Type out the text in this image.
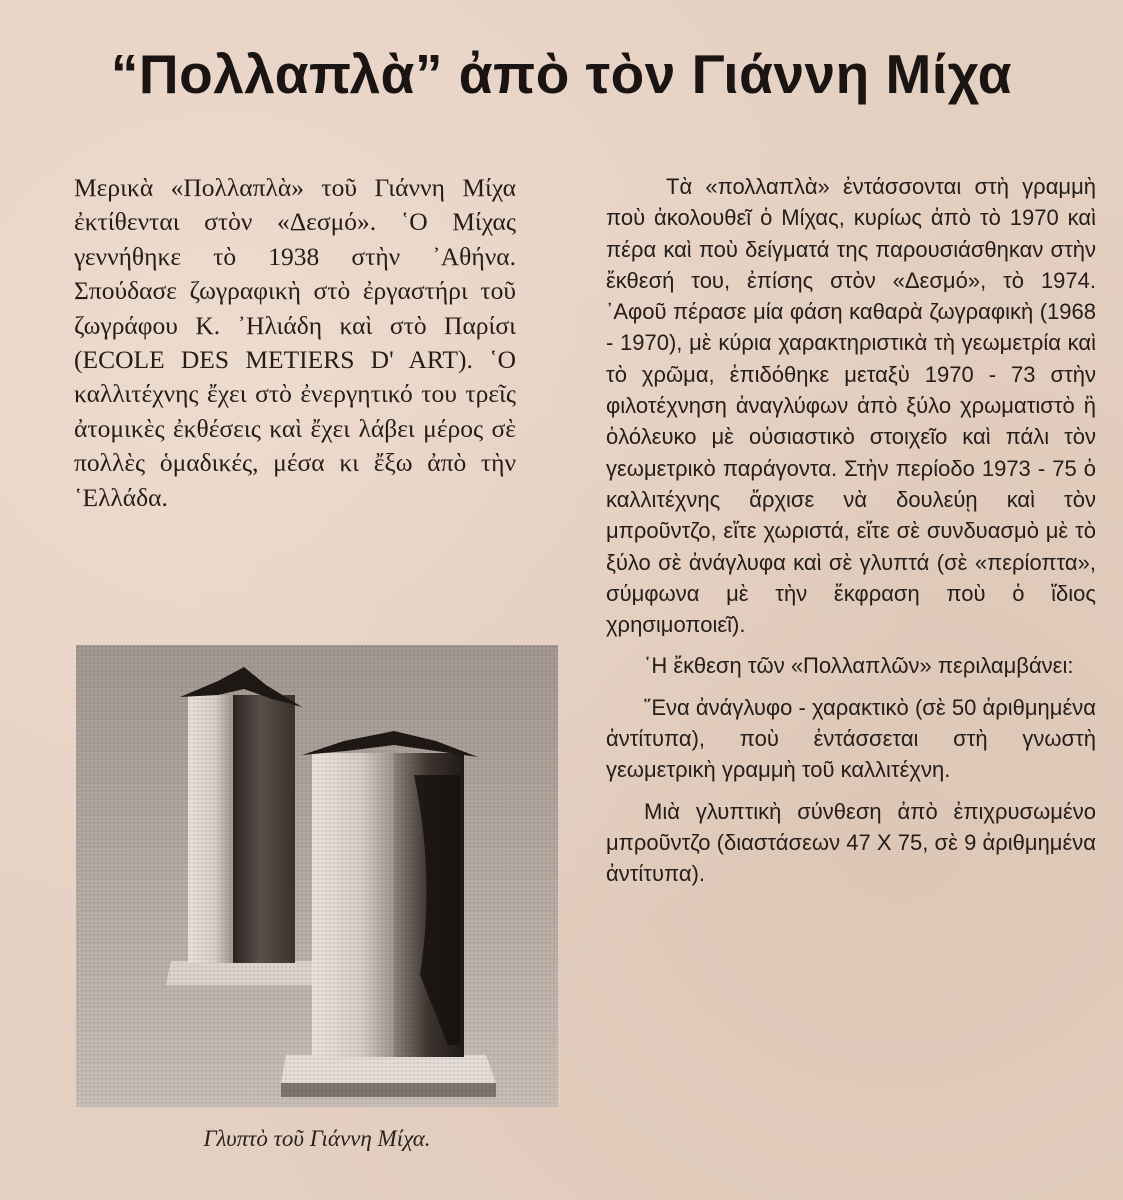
“Πολλαπλὰ” ἀπὸ τὸν Γιάννη Μίχα

Μερικὰ «Πολλαπλὰ» τοῦ Γιάννη Μίχα ἐκτίθενται στὸν «Δεσμό». ῾Ο Μίχας γεννήθηκε τὸ 1938 στὴν ᾿Αθήνα. Σπούδασε ζωγραφικὴ στὸ ἐργαστήρι τοῦ ζωγράφου Κ. ᾿Ηλιάδη καὶ στὸ Παρίσι (ECOLE DES METIERS D' ART). ῾Ο καλλιτέχνης ἔχει στὸ ἐνεργητικό του τρεῖς ἀτομικὲς ἐκθέσεις καὶ ἔχει λάβει μέρος σὲ πολλὲς ὁμαδικές, μέσα κι ἔξω ἀπὸ τὴν ῾Ελλάδα.

Γλυπτὸ τοῦ Γιάννη Μίχα.

Τὰ «πολλαπλὰ» ἐντάσσονται στὴ γραμμὴ ποὺ ἀκολουθεῖ ὁ Μίχας, κυρίως ἀπὸ τὸ 1970 καὶ πέρα καὶ ποὺ δείγματά της παρουσιάσθηκαν στὴν ἔκθεσή του, ἐπίσης στὸν «Δεσμό», τὸ 1974. ᾿Αφοῦ πέρασε μία φάση καθαρὰ ζωγραφικὴ (1968 - 1970), μὲ κύρια χαρακτηριστικὰ τὴ γεωμετρία καὶ τὸ χρῶμα, ἐπιδόθηκε μεταξὺ 1970 - 73 στὴν φιλοτέχνηση ἀναγλύφων ἀπὸ ξύλο χρωματιστὸ ἢ ὁλόλευκο μὲ οὐσιαστικὸ στοιχεῖο καὶ πάλι τὸν γεωμετρικὸ παράγοντα. Στὴν περίοδο 1973 - 75 ὁ καλλιτέχνης ἄρχισε νὰ δουλεύῃ καὶ τὸν μπροῦντζο, εἴτε χωριστά, εἴτε σὲ συνδυασμὸ μὲ τὸ ξύλο σὲ ἀνάγλυφα καὶ σὲ γλυπτά (σὲ «περίοπτα», σύμφωνα μὲ τὴν ἔκφραση ποὺ ὁ ἴδιος χρησιμοποιεῖ).

῾Η ἔκθεση τῶν «Πολλαπλῶν» περιλαμβάνει:

῞Ενα ἀνάγλυφο - χαρακτικὸ (σὲ 50 ἀριθμημένα ἀντίτυπα), ποὺ ἐντάσσεται στὴ γνωστὴ γεωμετρικὴ γραμμὴ τοῦ καλλιτέχνη.

Μιὰ γλυπτικὴ σύνθεση ἀπὸ ἐπιχρυσωμένο μπροῦντζο (διαστάσεων 47 Χ 75, σὲ 9 ἀριθμημένα ἀντίτυπα).
